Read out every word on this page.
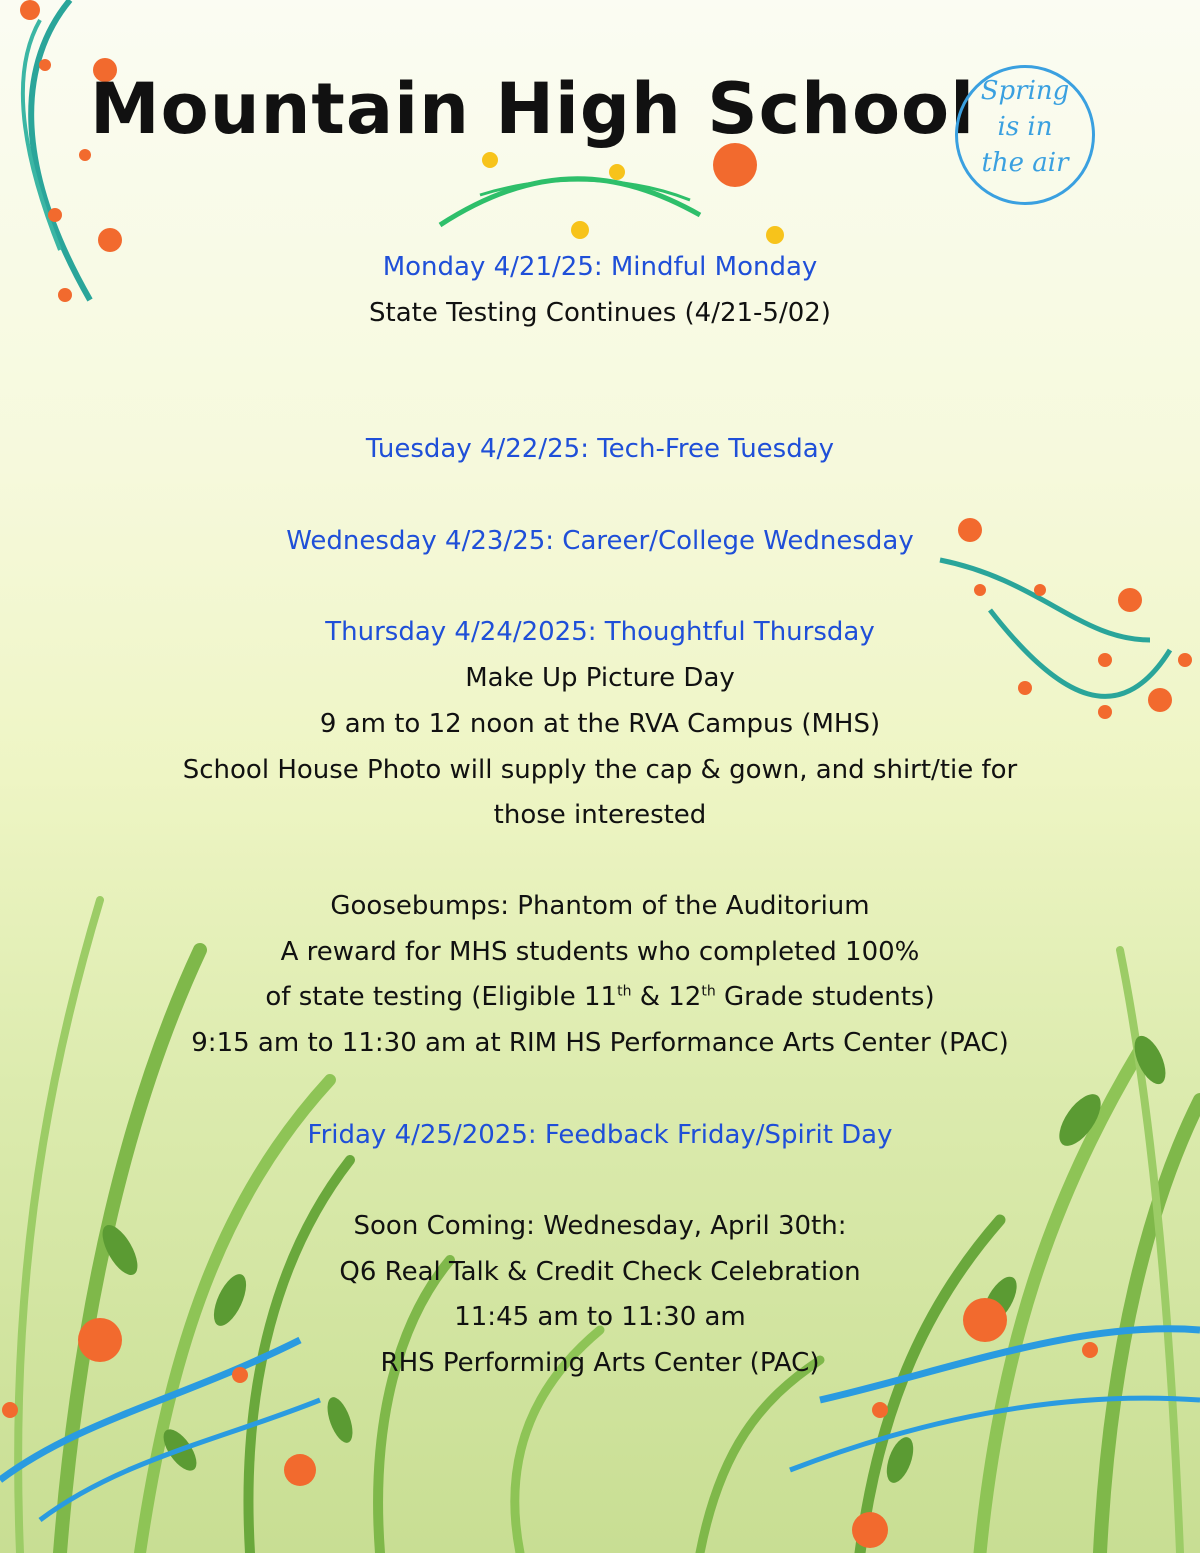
Mountain High School Spring
is in
the air
Monday 4/21/25: Mindful Monday
State Testing Continues (4/21-5/02)
Tuesday 4/22/25: Tech-Free Tuesday
Wednesday 4/23/25: Career/College Wednesday
Thursday 4/24/2025: Thoughtful Thursday
Make Up Picture Day
9 am to 12 noon at the RVA Campus (MHS)
School House Photo will supply the cap & gown, and shirt/tie for
those interested
Goosebumps: Phantom of the Auditorium
A reward for MHS students who completed 100%
of state testing (Eligible 11th & 12th Grade students)
9:15 am to 11:30 am at RIM HS Performance Arts Center (PAC)
Friday 4/25/2025: Feedback Friday/Spirit Day
Soon Coming: Wednesday, April 30th:
Q6 Real Talk & Credit Check Celebration
11:45 am to 11:30 am
RHS Performing Arts Center (PAC)
